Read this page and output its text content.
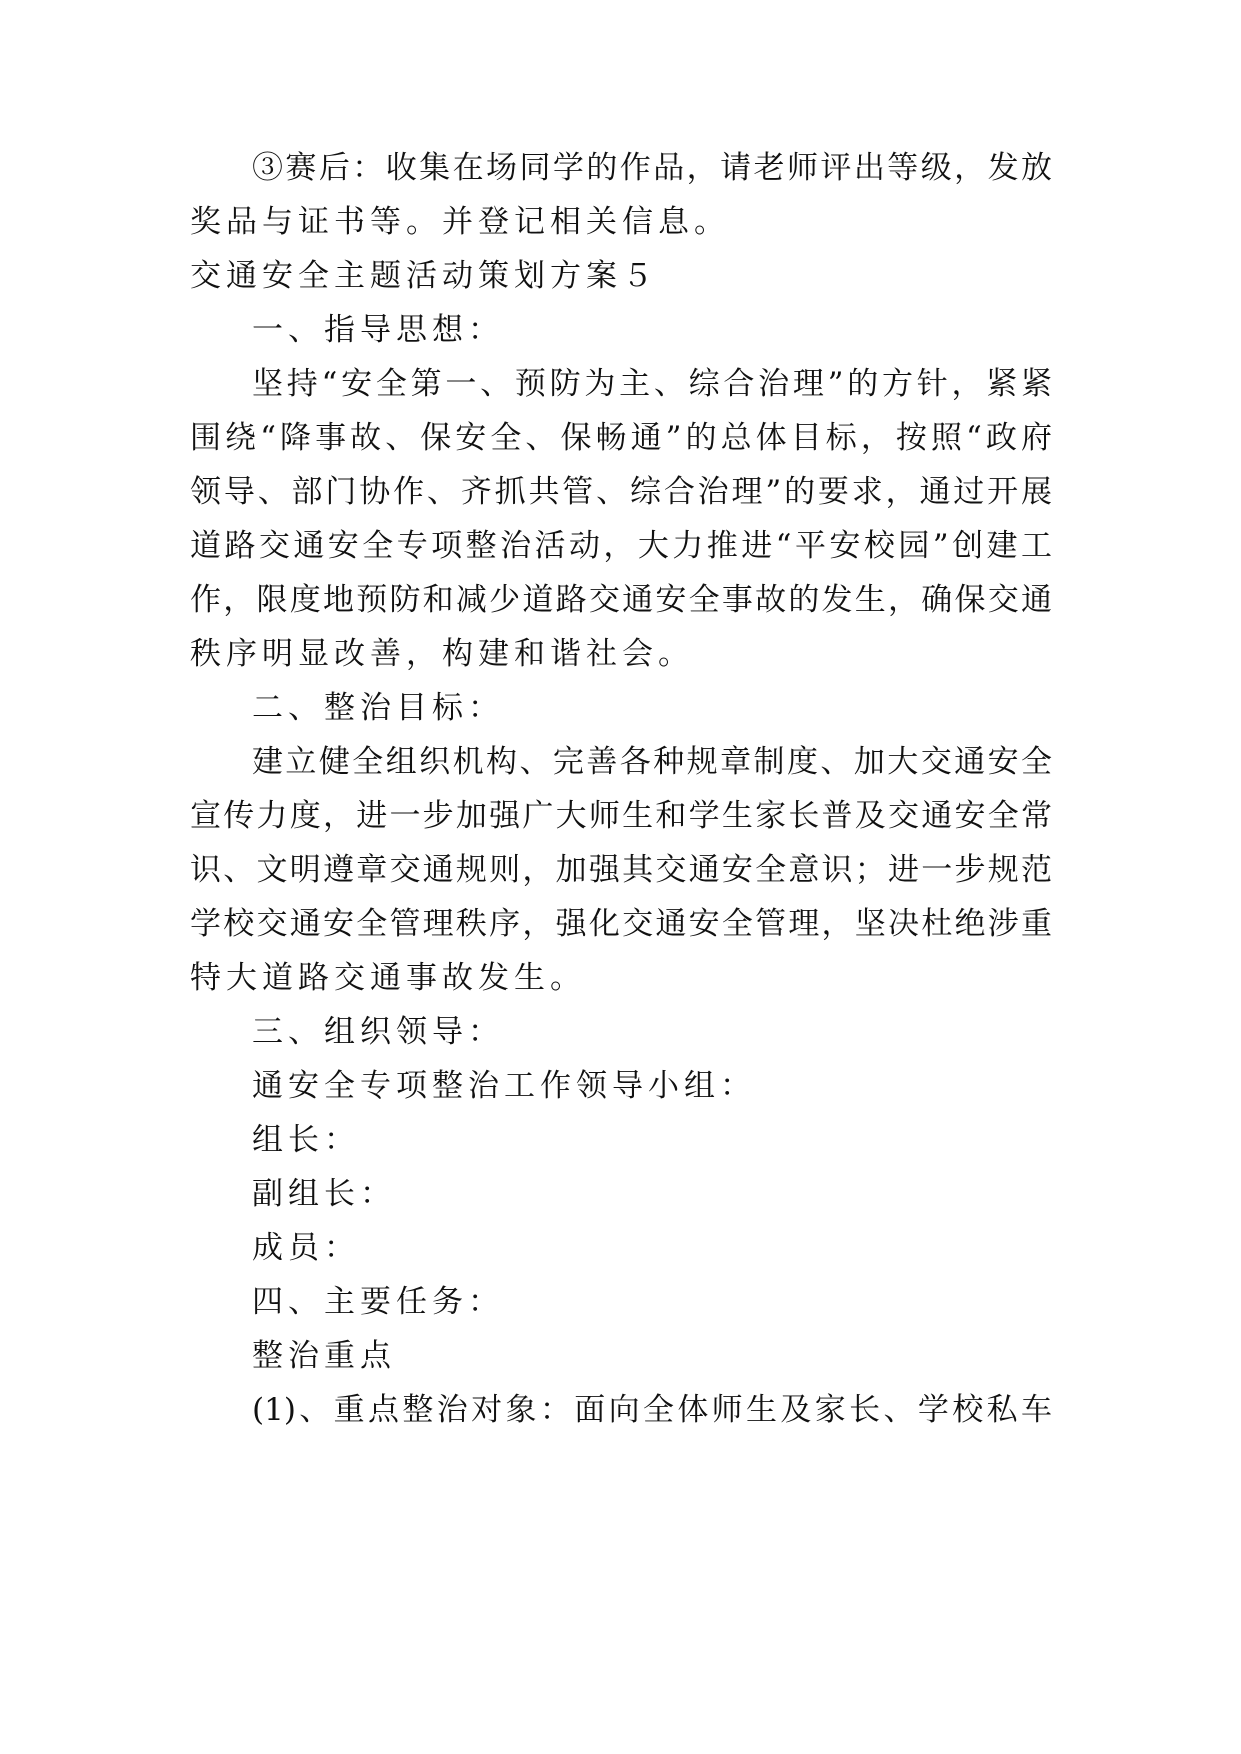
③赛后：收集在场同学的作品，请老师评出等级，发放
奖品与证书等。并登记相关信息。
交通安全主题活动策划方案５
一、指导思想：
坚持“安全第一、预防为主、综合治理”的方针，紧紧
围绕“降事故、保安全、保畅通”的总体目标，按照“政府
领导、部门协作、齐抓共管、综合治理”的要求，通过开展
道路交通安全专项整治活动，大力推进“平安校园”创建工
作，限度地预防和减少道路交通安全事故的发生，确保交通
秩序明显改善，构建和谐社会。
二、整治目标：
建立健全组织机构、完善各种规章制度、加大交通安全
宣传力度，进一步加强广大师生和学生家长普及交通安全常
识、文明遵章交通规则，加强其交通安全意识；进一步规范
学校交通安全管理秩序，强化交通安全管理，坚决杜绝涉重
特大道路交通事故发生。
三、组织领导：
通安全专项整治工作领导小组：
组长：
副组长：
成员：
四、主要任务：
整治重点
(1)、重点整治对象：面向全体师生及家长、学校私车
